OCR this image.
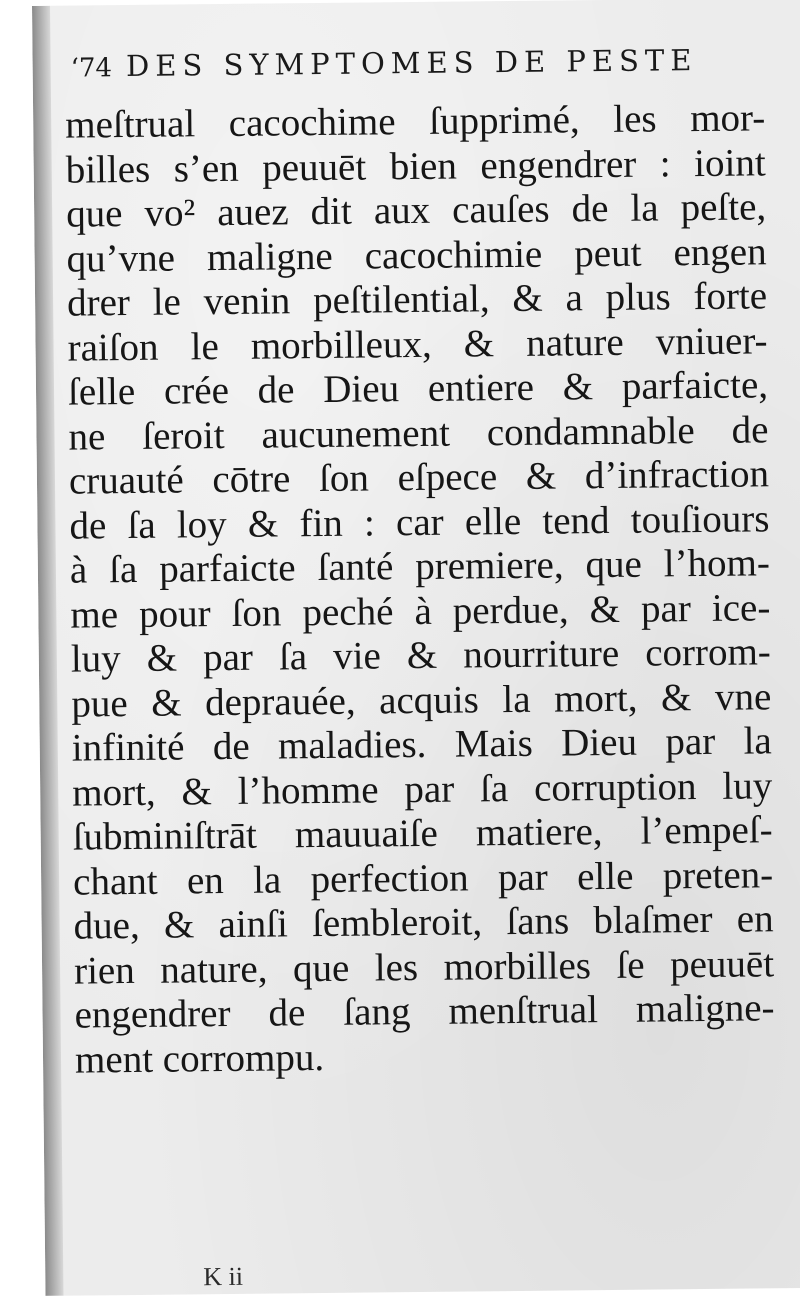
‘74 DES SYMPTOMES DE PESTE
meſtrual cacochime ſupprimé, les mor-
billes s’en peuuēt bien engendrer : ioint
que vo² auez dit aux cauſes de la peſte,
qu’vne maligne cacochimie peut engen
drer le venin peſtilential, & a plus forte
raiſon le morbilleux, & nature vniuer-
ſelle crée de Dieu entiere & parfaicte,
ne ſeroit aucunement condamnable de
cruauté cōtre ſon eſpece & d’infraction
de ſa loy & fin : car elle tend touſiours
à ſa parfaicte ſanté premiere, que l’hom-
me pour ſon peché à perdue, & par ice-
luy & par ſa vie & nourriture corrom-
pue & deprauée, acquis la mort, & vne
infinité de maladies. Mais Dieu par la
mort, & l’homme par ſa corruption luy
ſubminiſtrāt mauuaiſe matiere, l’empeſ-
chant en la perfection par elle preten-
due, & ainſi ſembleroit, ſans blaſmer en
rien nature, que les morbilles ſe peuuēt
engendrer de ſang menſtrual maligne-
ment corrompu.
K ii
